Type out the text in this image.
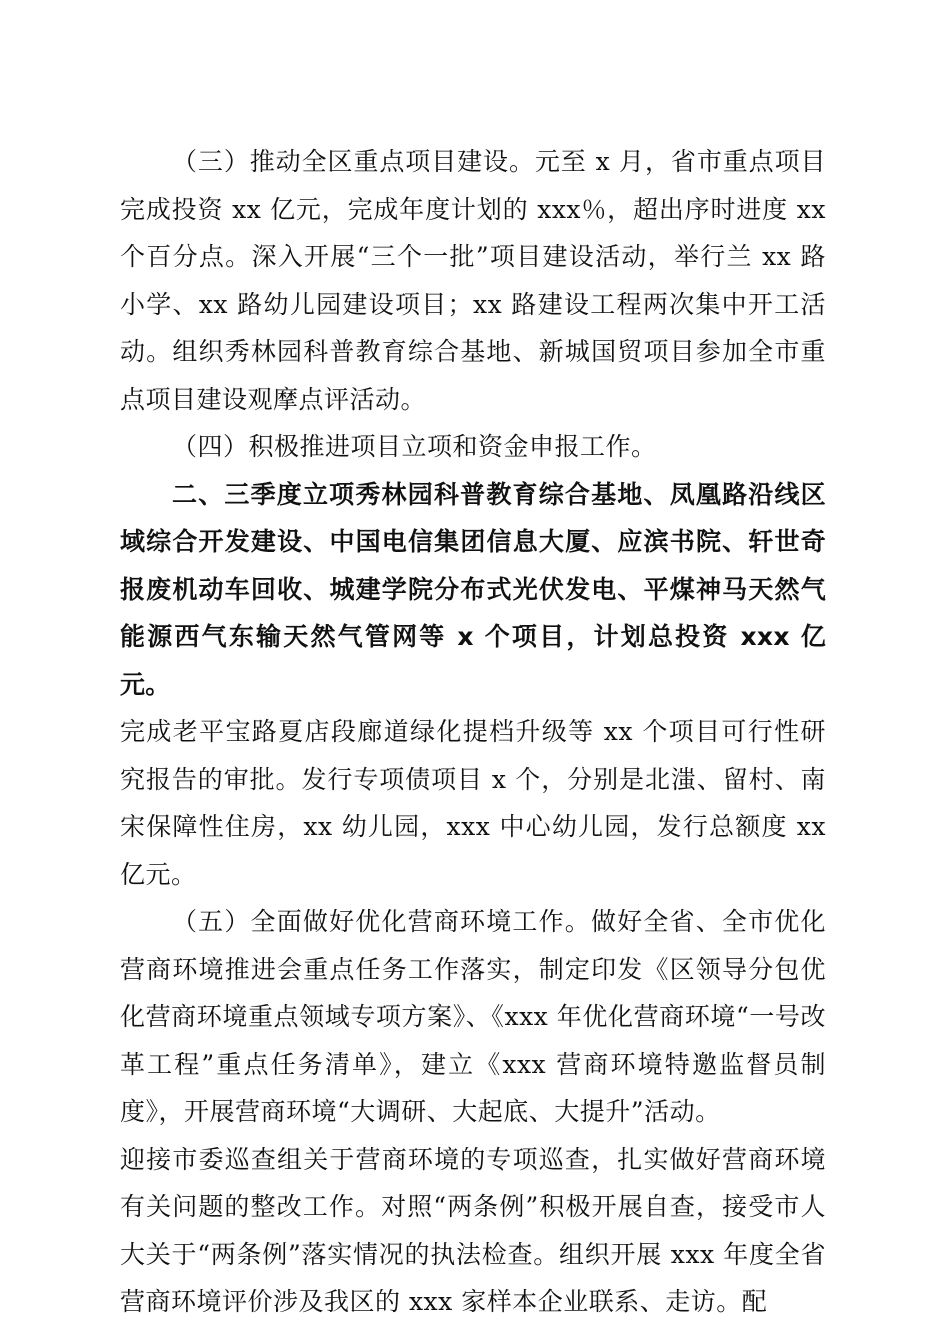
（三）推动全区重点项目建设。元至 x 月，省市重点项目完成投资 xx 亿元，完成年度计划的 xxx％，超出序时进度 xx 个百分点。深入开展“三个一批”项目建设活动，举行兰 xx 路小学、xx 路幼儿园建设项目；xx 路建设工程两次集中开工活动。组织秀林园科普教育综合基地、新城国贸项目参加全市重点项目建设观摩点评活动。

（四）积极推进项目立项和资金申报工作。

二、三季度立项秀林园科普教育综合基地、凤凰路沿线区域综合开发建设、中国电信集团信息大厦、应滨书院、轩世奇报废机动车回收、城建学院分布式光伏发电、平煤神马天然气能源西气东输天然气管网等 x 个项目，计划总投资 xxx 亿元。

完成老平宝路夏店段廊道绿化提档升级等 xx 个项目可行性研究报告的审批。发行专项债项目 x 个，分别是北滍、留村、南宋保障性住房，xx 幼儿园，xxx 中心幼儿园，发行总额度 xx 亿元。

（五）全面做好优化营商环境工作。做好全省、全市优化营商环境推进会重点任务工作落实，制定印发《区领导分包优化营商环境重点领域专项方案》、《xxx 年优化营商环境“一号改革工程”重点任务清单》，建立《xxx 营商环境特邀监督员制度》，开展营商环境“大调研、大起底、大提升”活动。

迎接市委巡查组关于营商环境的专项巡查，扎实做好营商环境有关问题的整改工作。对照“两条例”积极开展自查，接受市人大关于“两条例”落实情况的执法检查。组织开展 xxx 年度全省营商环境评价涉及我区的 xxx 家样本企业联系、走访。配
